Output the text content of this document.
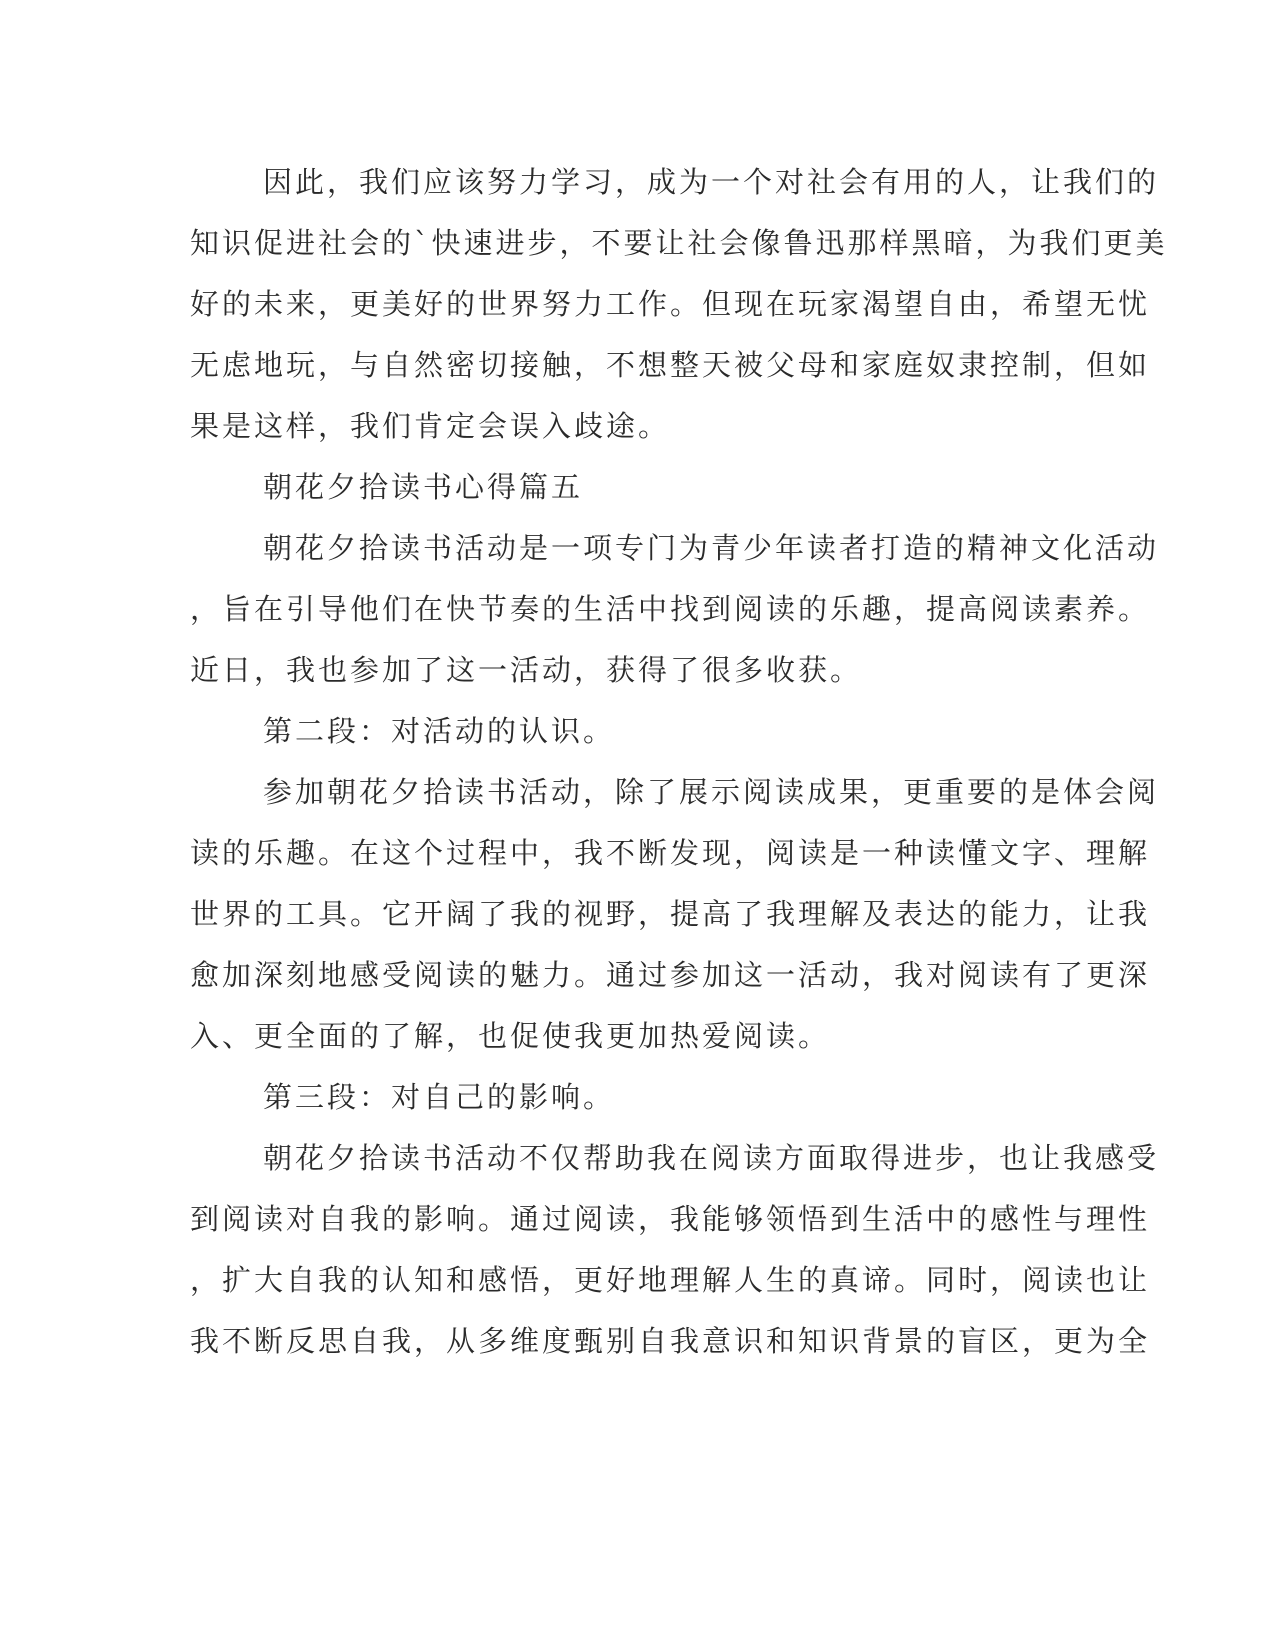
因此，我们应该努力学习，成为一个对社会有用的人，让我们的
知识促进社会的`快速进步，不要让社会像鲁迅那样黑暗，为我们更美
好的未来，更美好的世界努力工作。但现在玩家渴望自由，希望无忧
无虑地玩，与自然密切接触，不想整天被父母和家庭奴隶控制，但如
果是这样，我们肯定会误入歧途。
朝花夕拾读书心得篇五
朝花夕拾读书活动是一项专门为青少年读者打造的精神文化活动
，旨在引导他们在快节奏的生活中找到阅读的乐趣，提高阅读素养。
近日，我也参加了这一活动，获得了很多收获。
第二段：对活动的认识。
参加朝花夕拾读书活动，除了展示阅读成果，更重要的是体会阅
读的乐趣。在这个过程中，我不断发现，阅读是一种读懂文字、理解
世界的工具。它开阔了我的视野，提高了我理解及表达的能力，让我
愈加深刻地感受阅读的魅力。通过参加这一活动，我对阅读有了更深
入、更全面的了解，也促使我更加热爱阅读。
第三段：对自己的影响。
朝花夕拾读书活动不仅帮助我在阅读方面取得进步，也让我感受
到阅读对自我的影响。通过阅读，我能够领悟到生活中的感性与理性
，扩大自我的认知和感悟，更好地理解人生的真谛。同时，阅读也让
我不断反思自我，从多维度甄别自我意识和知识背景的盲区，更为全
